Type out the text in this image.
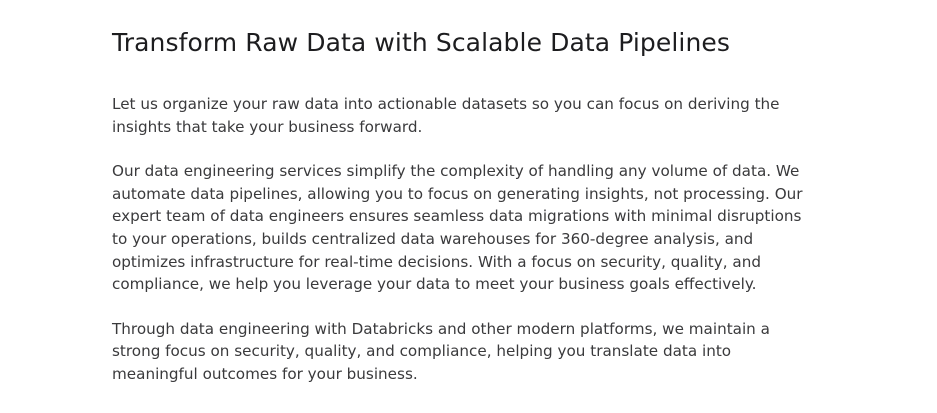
Transform Raw Data with Scalable Data Pipelines

Let us organize your raw data into actionable datasets so you can focus on deriving the insights that take your business forward.

Our data engineering services simplify the complexity of handling any volume of data. We automate data pipelines, allowing you to focus on generating insights, not processing. Our expert team of data engineers ensures seamless data migrations with minimal disruptions to your operations, builds centralized data warehouses for 360-degree analysis, and optimizes infrastructure for real-time decisions. With a focus on security, quality, and compliance, we help you leverage your data to meet your business goals effectively.

Through data engineering with Databricks and other modern platforms, we maintain a strong focus on security, quality, and compliance, helping you translate data into meaningful outcomes for your business.
